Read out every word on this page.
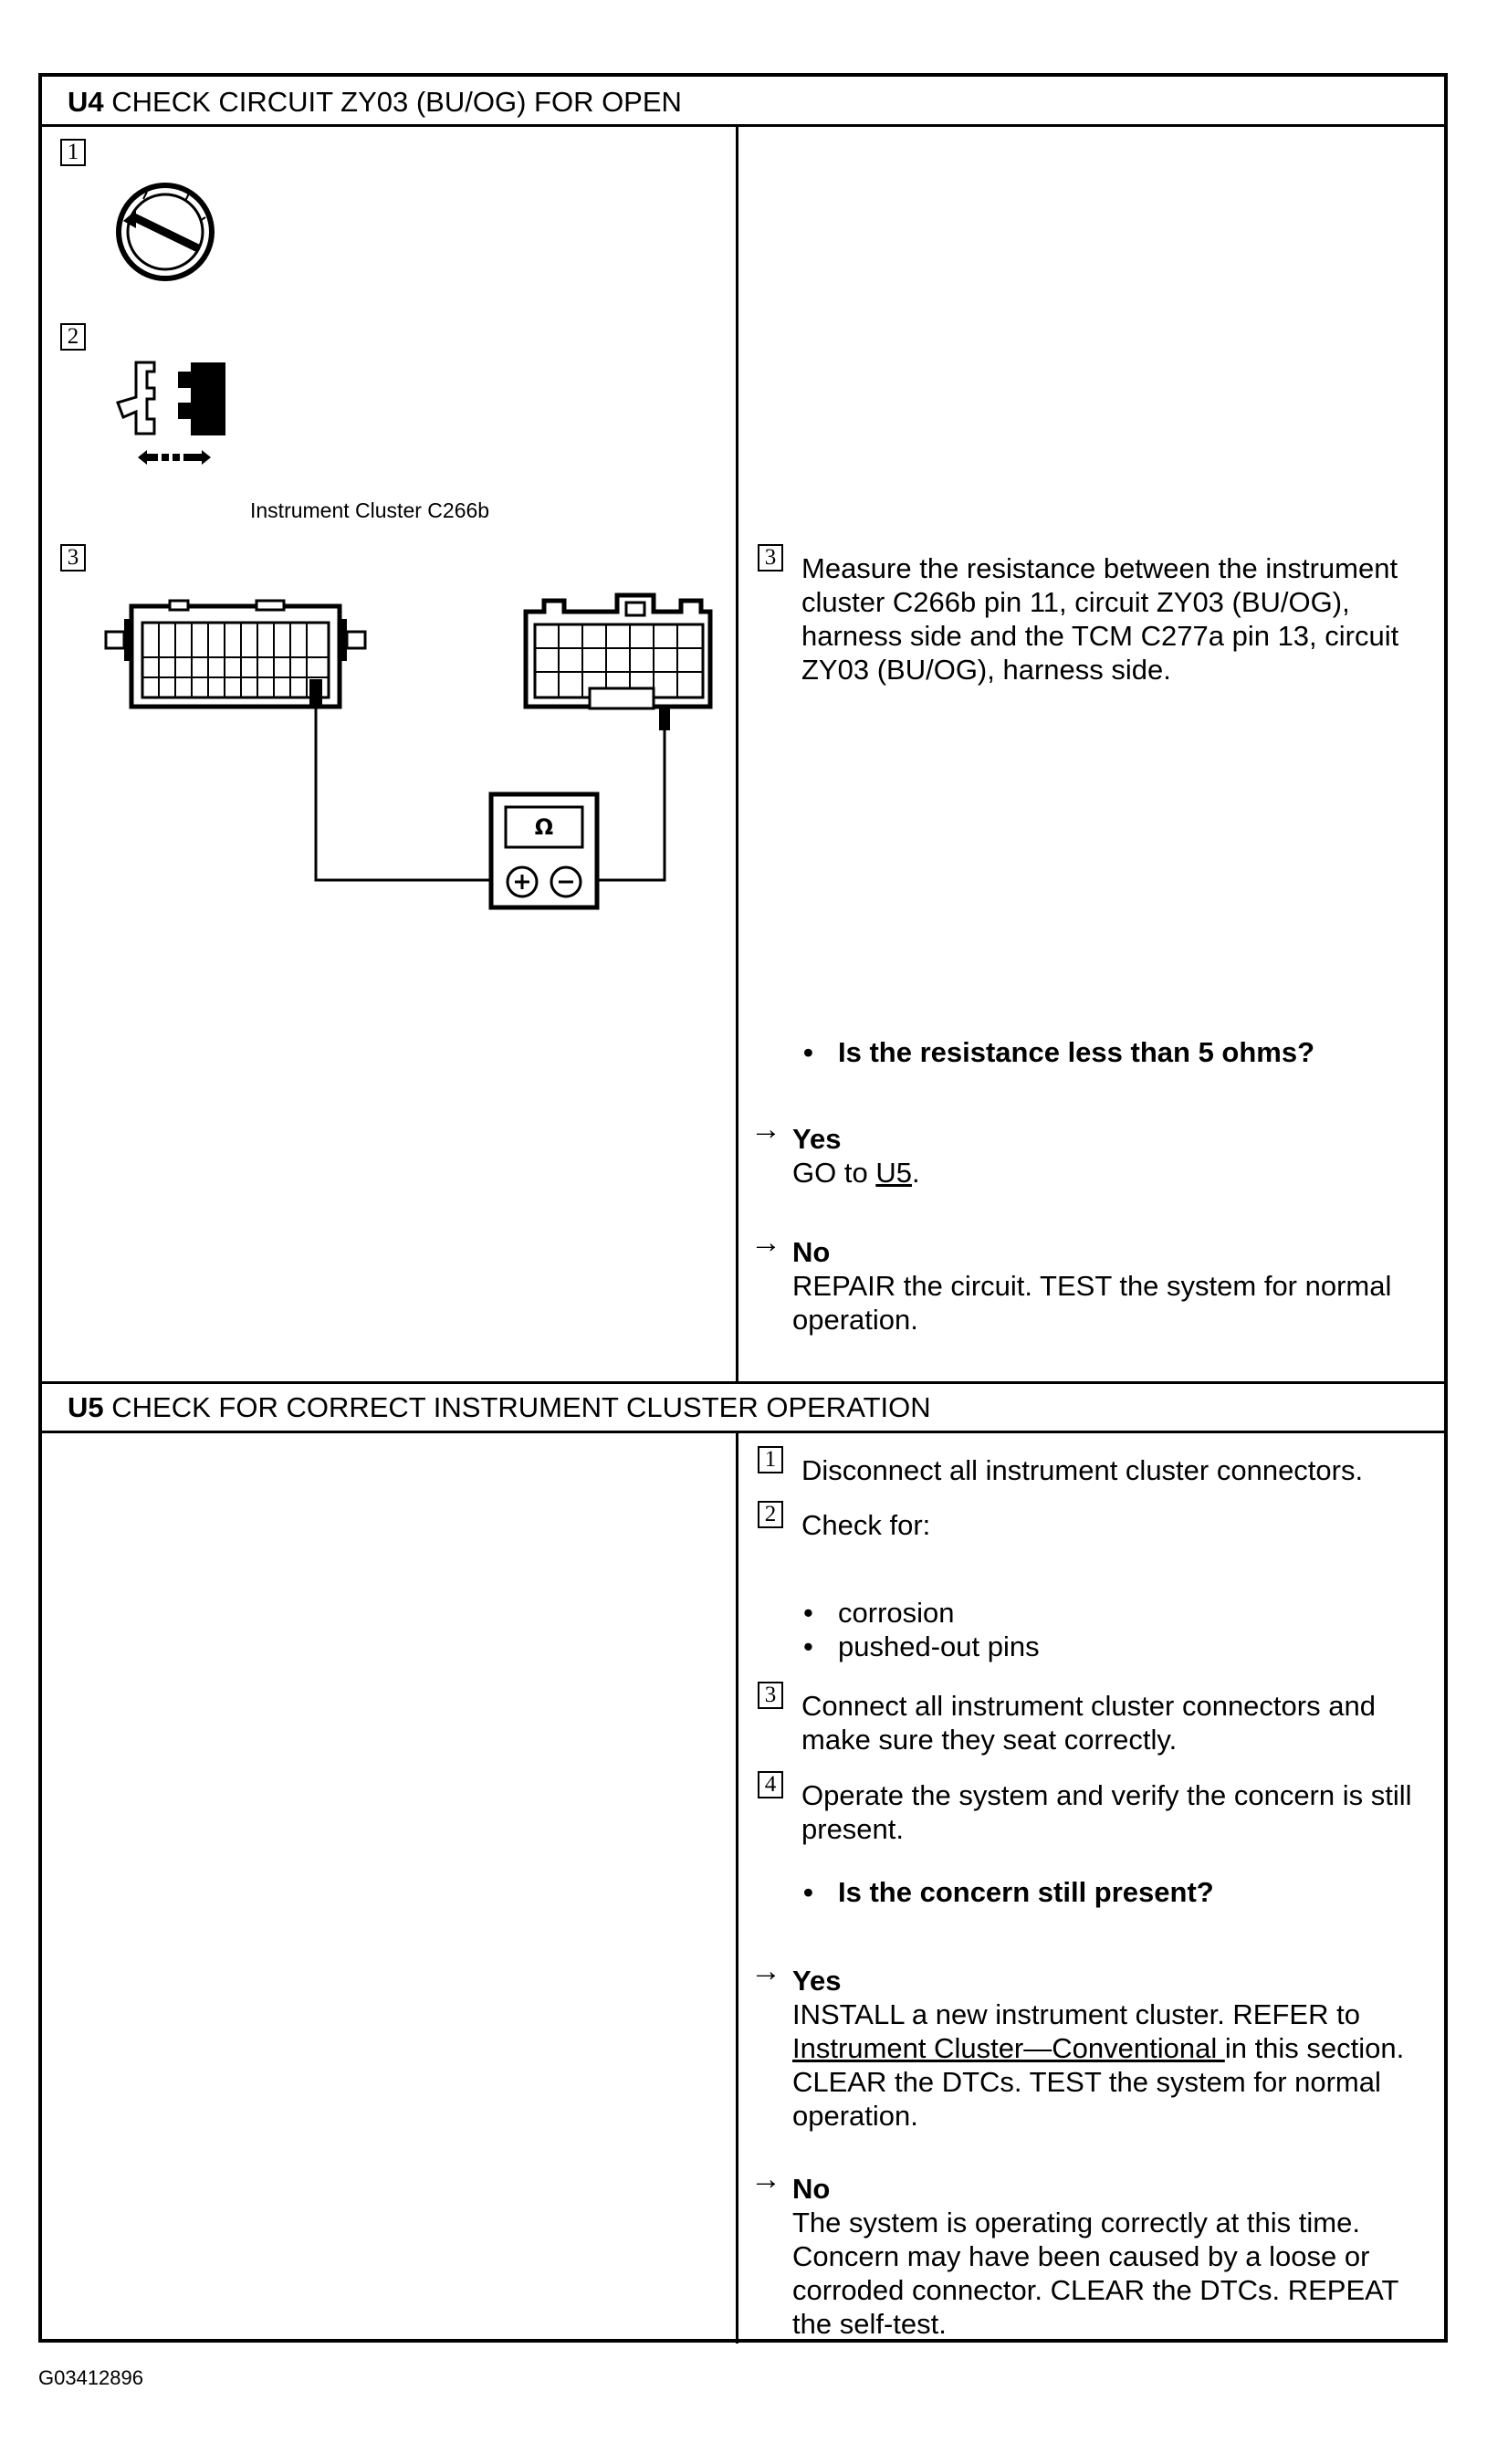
U4 CHECK CIRCUIT ZY03 (BU/OG) FOR OPEN
1
2
Instrument Cluster C266b
3
Ω
3 Measure the resistance between the instrument cluster C266b pin 11, circuit ZY03 (BU/OG), harness side and the TCM C277a pin 13, circuit ZY03 (BU/OG), harness side.
• Is the resistance less than 5 ohms?
→ Yes
GO to U5.
→ No
REPAIR the circuit. TEST the system for normal operation.
U5 CHECK FOR CORRECT INSTRUMENT CLUSTER OPERATION
1 Disconnect all instrument cluster connectors.
2 Check for:
• corrosion
• pushed-out pins
3 Connect all instrument cluster connectors and make sure they seat correctly.
4 Operate the system and verify the concern is still present.
• Is the concern still present?
→ Yes
INSTALL a new instrument cluster. REFER to Instrument Cluster—Conventional in this section. CLEAR the DTCs. TEST the system for normal operation.
→ No
The system is operating correctly at this time. Concern may have been caused by a loose or corroded connector. CLEAR the DTCs. REPEAT the self-test.
G03412896
